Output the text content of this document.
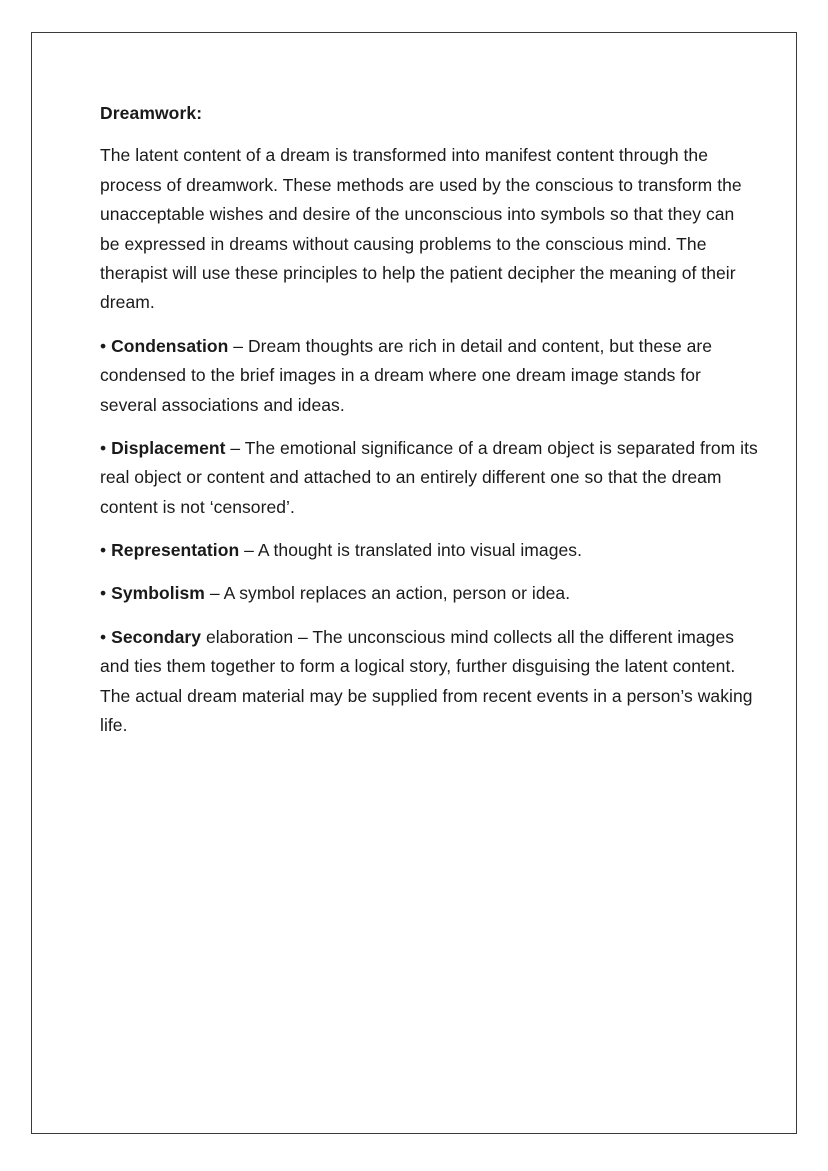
Dreamwork:

The latent content of a dream is transformed into manifest content through the process of dreamwork. These methods are used by the conscious to transform the unacceptable wishes and desire of the unconscious into symbols so that they can be expressed in dreams without causing problems to the conscious mind. The therapist will use these principles to help the patient decipher the meaning of their dream.

• Condensation – Dream thoughts are rich in detail and content, but these are condensed to the brief images in a dream where one dream image stands for several associations and ideas.

• Displacement – The emotional significance of a dream object is separated from its real object or content and attached to an entirely different one so that the dream content is not ‘censored’.

• Representation – A thought is translated into visual images.

• Symbolism – A symbol replaces an action, person or idea.

• Secondary elaboration – The unconscious mind collects all the different images and ties them together to form a logical story, further disguising the latent content. The actual dream material may be supplied from recent events in a person’s waking life.
